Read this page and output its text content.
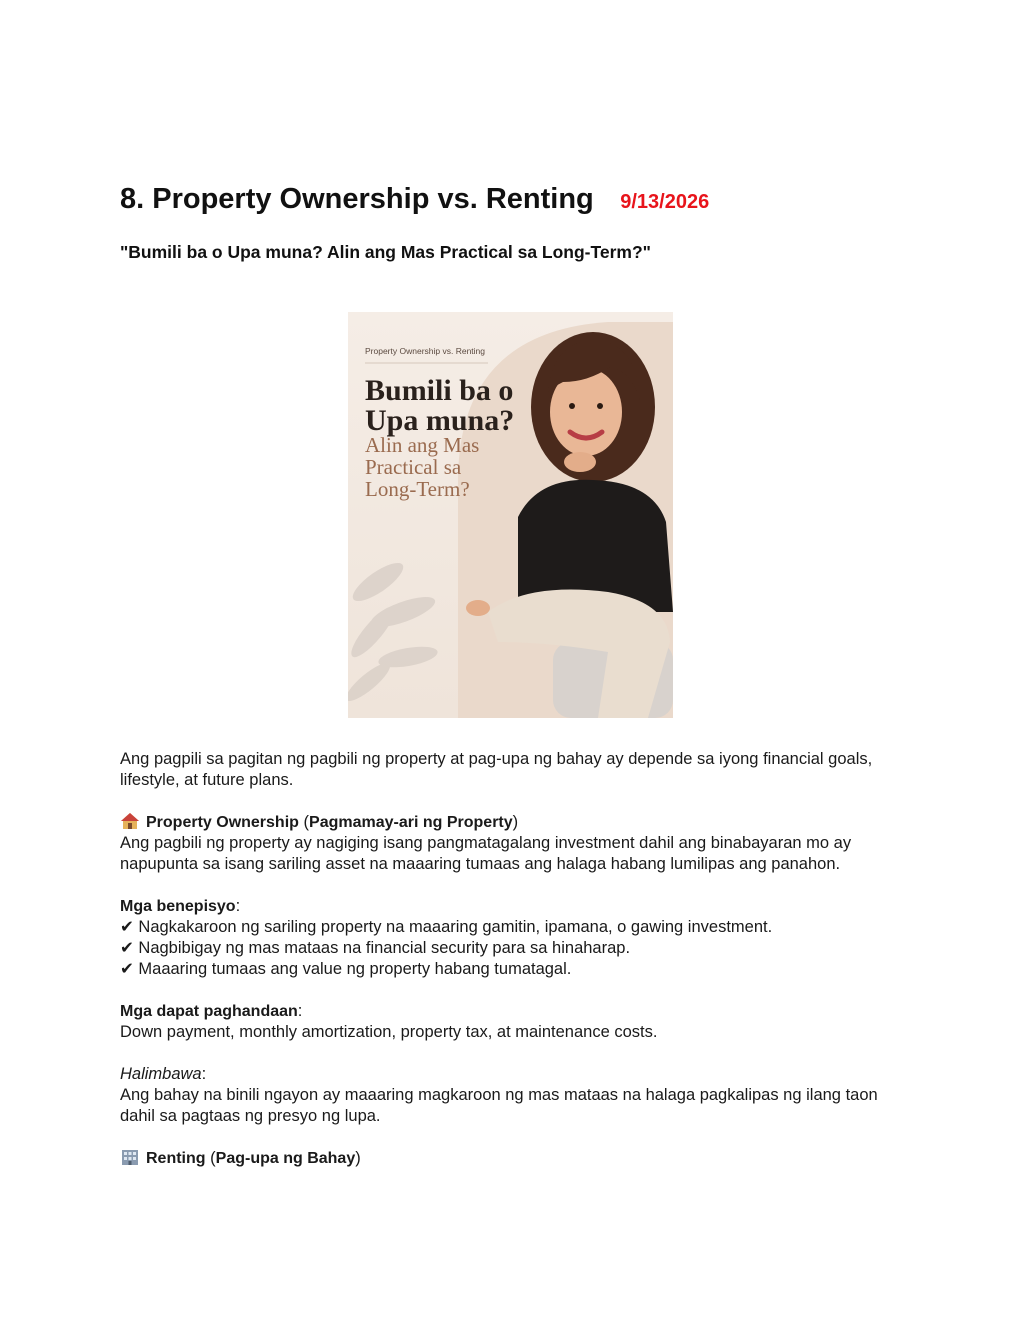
8. Property Ownership vs. Renting 9/13/2026
"Bumili ba o Upa muna? Alin ang Mas Practical sa Long-Term?"
Property Ownership vs. Renting
Bumili ba o
Upa muna?
Alin ang Mas
Practical sa
Long-Term?
Ang pagpili sa pagitan ng pagbili ng property at pag-upa ng bahay ay depende sa iyong financial goals, lifestyle, at future plans.
Property Ownership (Pagmamay-ari ng Property)
Ang pagbili ng property ay nagiging isang pangmatagalang investment dahil ang binabayaran mo ay napupunta sa isang sariling asset na maaaring tumaas ang halaga habang lumilipas ang panahon.
Mga benepisyo:
✔ Nagkakaroon ng sariling property na maaaring gamitin, ipamana, o gawing investment.
✔ Nagbibigay ng mas mataas na financial security para sa hinaharap.
✔ Maaaring tumaas ang value ng property habang tumatagal.
Mga dapat paghandaan:
Down payment, monthly amortization, property tax, at maintenance costs.
Halimbawa:
Ang bahay na binili ngayon ay maaaring magkaroon ng mas mataas na halaga pagkalipas ng ilang taon dahil sa pagtaas ng presyo ng lupa.
Renting (Pag-upa ng Bahay)
